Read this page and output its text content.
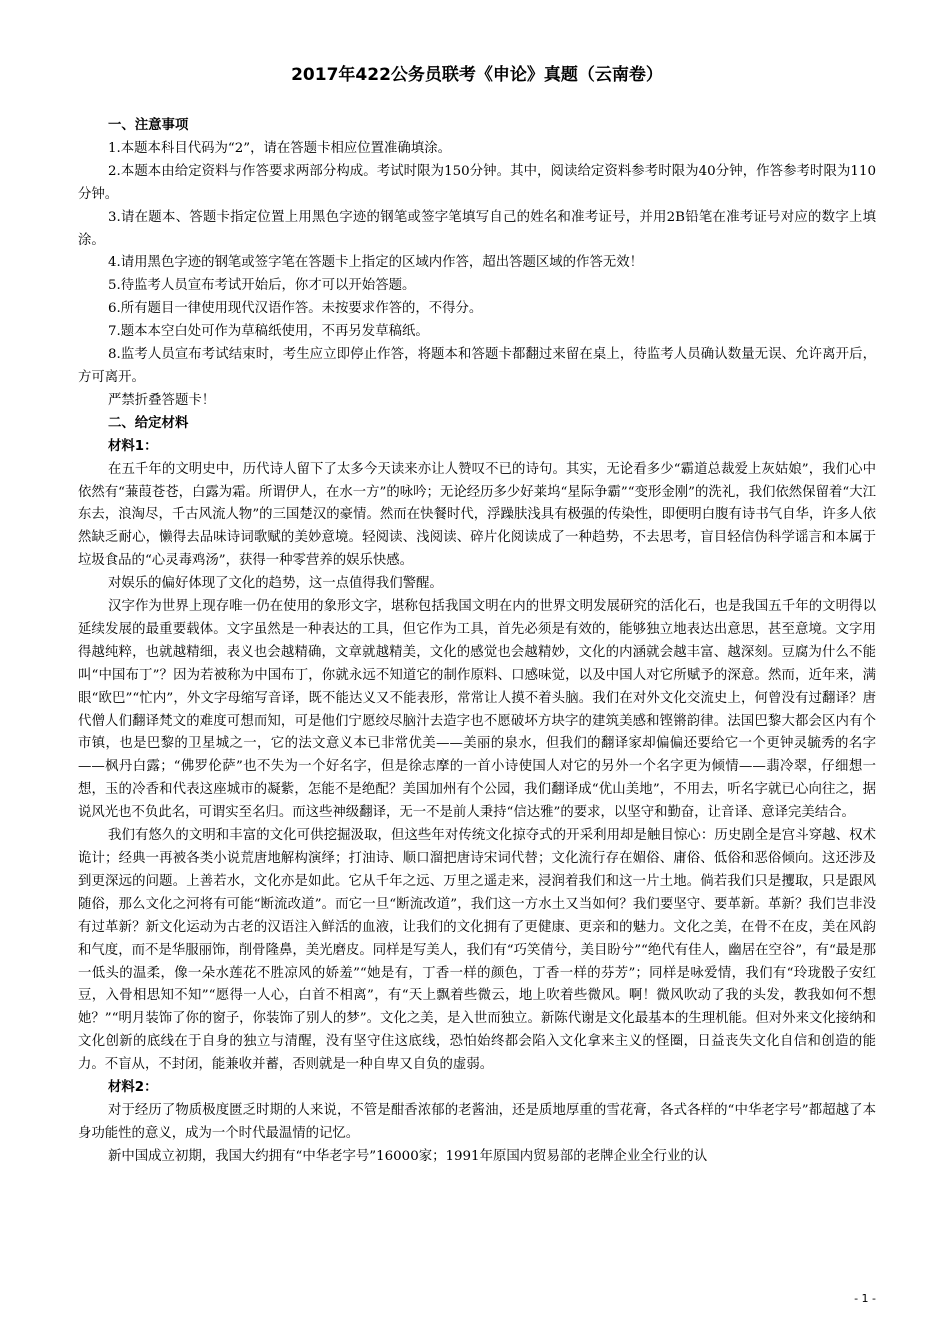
2017年422公务员联考《申论》真题（云南卷）

一、注意事项

1.本题本科目代码为“2”，请在答题卡相应位置准确填涂。

2.本题本由给定资料与作答要求两部分构成。考试时限为150分钟。其中，阅读给定资料参考时限为40分钟，作答参考时限为110分钟。

3.请在题本、答题卡指定位置上用黑色字迹的钢笔或签字笔填写自己的姓名和准考证号，并用2B铅笔在准考证号对应的数字上填涂。

4.请用黑色字迹的钢笔或签字笔在答题卡上指定的区域内作答，超出答题区域的作答无效！

5.待监考人员宣布考试开始后，你才可以开始答题。

6.所有题目一律使用现代汉语作答。未按要求作答的，不得分。

7.题本本空白处可作为草稿纸使用，不再另发草稿纸。

8.监考人员宣布考试结束时，考生应立即停止作答，将题本和答题卡都翻过来留在桌上，待监考人员确认数量无误、允许离开后，方可离开。

严禁折叠答题卡！

二、给定材料

材料1：

在五千年的文明史中，历代诗人留下了太多今天读来亦让人赞叹不已的诗句。其实，无论看多少“霸道总裁爱上灰姑娘”，我们心中依然有“蒹葭苍苍，白露为霜。所谓伊人，在水一方”的咏吟；无论经历多少好莱坞“星际争霸”“变形金刚”的洗礼，我们依然保留着“大江东去，浪淘尽，千古风流人物”的三国楚汉的豪情。然而在快餐时代，浮躁肤浅具有极强的传染性，即便明白腹有诗书气自华，许多人依然缺乏耐心，懒得去品味诗词歌赋的美妙意境。轻阅读、浅阅读、碎片化阅读成了一种趋势，不去思考，盲目轻信伪科学谣言和本属于垃圾食品的“心灵毒鸡汤”，获得一种零营养的娱乐快感。

对娱乐的偏好体现了文化的趋势，这一点值得我们警醒。

汉字作为世界上现存唯一仍在使用的象形文字，堪称包括我国文明在内的世界文明发展研究的活化石，也是我国五千年的文明得以延续发展的最重要载体。文字虽然是一种表达的工具，但它作为工具，首先必须是有效的，能够独立地表达出意思，甚至意境。文字用得越纯粹，也就越精细，表义也会越精确，文章就越精美，文化的感觉也会越精妙，文化的内涵就会越丰富、越深刻。豆腐为什么不能叫“中国布丁”？因为若被称为中国布丁，你就永远不知道它的制作原料、口感味觉，以及中国人对它所赋予的深意。然而，近年来，满眼“欧巴”“忙内”，外文字母缩写音译，既不能达义又不能表形，常常让人摸不着头脑。我们在对外文化交流史上，何曾没有过翻译？唐代僧人们翻译梵文的难度可想而知，可是他们宁愿绞尽脑汁去造字也不愿破坏方块字的建筑美感和铿锵韵律。法国巴黎大都会区内有个市镇，也是巴黎的卫星城之一，它的法文意义本已非常优美——美丽的泉水，但我们的翻译家却偏偏还要给它一个更钟灵毓秀的名字——枫丹白露；“佛罗伦萨”也不失为一个好名字，但是徐志摩的一首小诗使国人对它的另外一个名字更为倾情——翡冷翠，仔细想一想，玉的冷香和代表这座城市的凝紫，怎能不是绝配？美国加州有个公园，我们翻译成“优山美地”，不用去，听名字就已心向往之，据说风光也不负此名，可谓实至名归。而这些神级翻译，无一不是前人秉持“信达雅”的要求，以坚守和勤奋，让音译、意译完美结合。

我们有悠久的文明和丰富的文化可供挖掘汲取，但这些年对传统文化掠夺式的开采利用却是触目惊心：历史剧全是宫斗穿越、权术诡计；经典一再被各类小说荒唐地解构演绎；打油诗、顺口溜把唐诗宋词代替；文化流行存在媚俗、庸俗、低俗和恶俗倾向。这还涉及到更深远的问题。上善若水，文化亦是如此。它从千年之远、万里之遥走来，浸润着我们和这一片土地。倘若我们只是攫取，只是跟风随俗，那么文化之河将有可能“断流改道”。而它一旦“断流改道”，我们这一方水土又当如何？我们要坚守、要革新。革新？我们岂非没有过革新？新文化运动为古老的汉语注入鲜活的血液，让我们的文化拥有了更健康、更亲和的魅力。文化之美，在骨不在皮，美在风韵和气度，而不是华服丽饰，削骨隆鼻，美光磨皮。同样是写美人，我们有“巧笑倩兮，美目盼兮”“绝代有佳人，幽居在空谷”，有“最是那一低头的温柔，像一朵水莲花不胜凉风的娇羞”“她是有，丁香一样的颜色，丁香一样的芬芳”；同样是咏爱情，我们有“玲珑骰子安红豆，入骨相思知不知”“愿得一人心，白首不相离”，有“天上飘着些微云，地上吹着些微风。啊！微风吹动了我的头发，教我如何不想她？”“明月装饰了你的窗子，你装饰了别人的梦”。文化之美，是入世而独立。新陈代谢是文化最基本的生理机能。但对外来文化接纳和文化创新的底线在于自身的独立与清醒，没有坚守住这底线，恐怕始终都会陷入文化拿来主义的怪圈，日益丧失文化自信和创造的能力。不盲从，不封闭，能兼收并蓄，否则就是一种自卑又自负的虚弱。

材料2：

对于经历了物质极度匮乏时期的人来说，不管是酣香浓郁的老酱油，还是质地厚重的雪花膏，各式各样的“中华老字号”都超越了本身功能性的意义，成为一个时代最温情的记忆。

新中国成立初期，我国大约拥有“中华老字号”16000家；1991年原国内贸易部的老牌企业全行业的认

- 1 -
